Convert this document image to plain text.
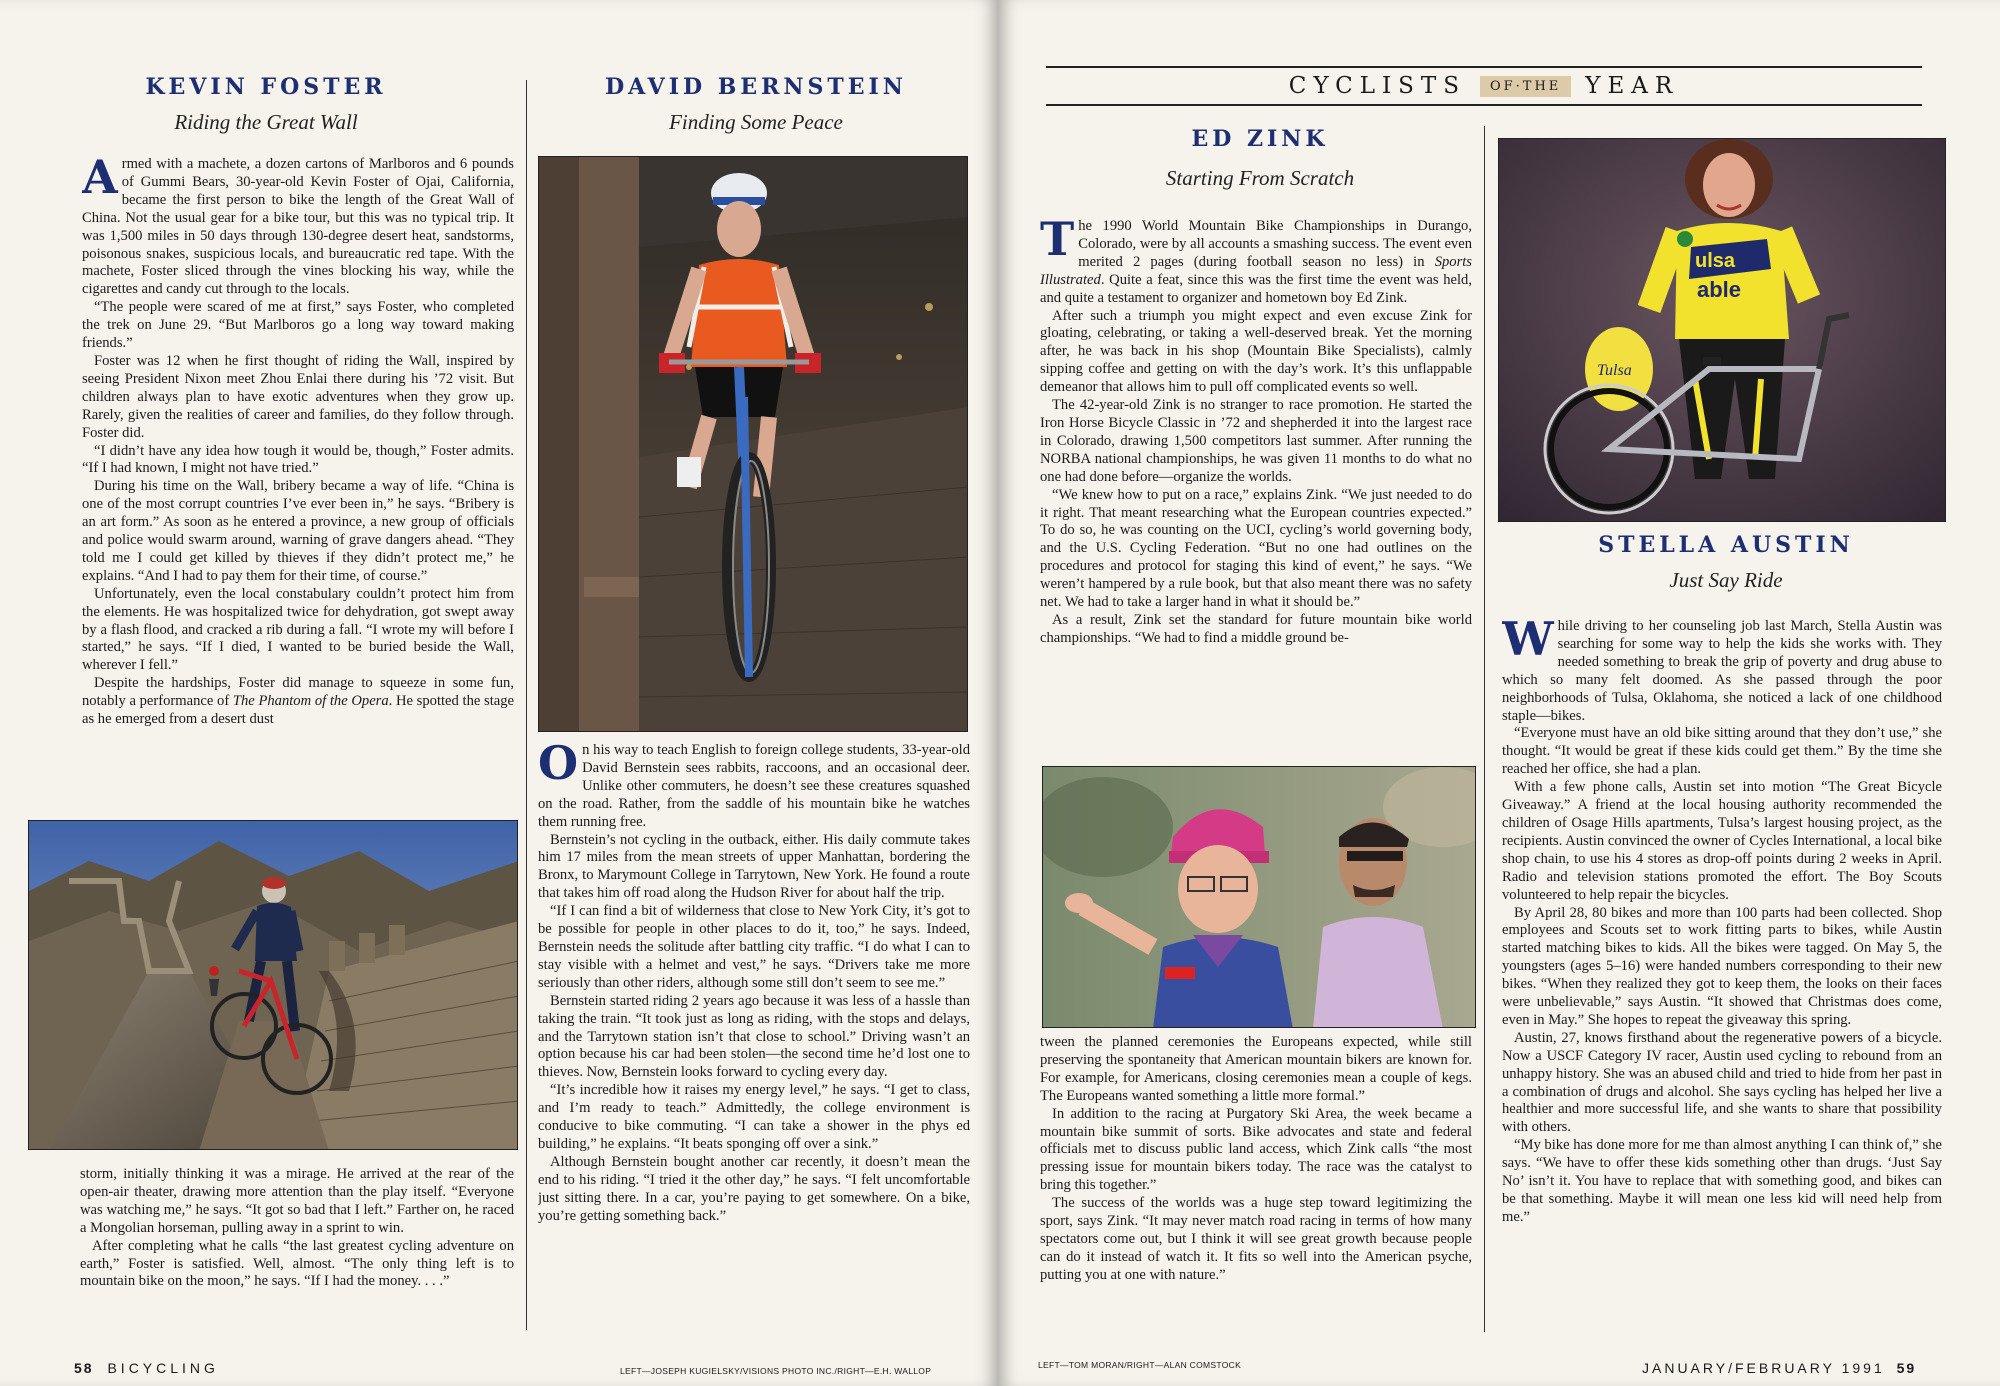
KEVIN FOSTER
Riding the Great Wall

Armed with a machete, a dozen cartons of Marlboros and 6 pounds of Gummi Bears, 30-year-old Kevin Foster of Ojai, California, became the first person to bike the length of the Great Wall of China. Not the usual gear for a bike tour, but this was no typical trip. It was 1,500 miles in 50 days through 130-degree desert heat, sandstorms, poisonous snakes, suspicious locals, and bureaucratic red tape. With the machete, Foster sliced through the vines blocking his way, while the cigarettes and candy cut through to the locals.

“The people were scared of me at first,” says Foster, who completed the trek on June 29. “But Marlboros go a long way toward making friends.”

Foster was 12 when he first thought of riding the Wall, inspired by seeing President Nixon meet Zhou Enlai there during his ’72 visit. But children always plan to have exotic adventures when they grow up. Rarely, given the realities of career and families, do they follow through. Foster did.

“I didn’t have any idea how tough it would be, though,” Foster admits. “If I had known, I might not have tried.”

During his time on the Wall, bribery became a way of life. “China is one of the most corrupt countries I’ve ever been in,” he says. “Bribery is an art form.” As soon as he entered a province, a new group of officials and police would swarm around, warning of grave dangers ahead. “They told me I could get killed by thieves if they didn’t protect me,” he explains. “And I had to pay them for their time, of course.”

Unfortunately, even the local constabulary couldn’t protect him from the elements. He was hospitalized twice for dehydration, got swept away by a flash flood, and cracked a rib during a fall. “I wrote my will before I started,” he says. “If I died, I wanted to be buried beside the Wall, wherever I fell.”

Despite the hardships, Foster did manage to squeeze in some fun, notably a performance of The Phantom of the Opera. He spotted the stage as he emerged from a desert dust

storm, initially thinking it was a mirage. He arrived at the rear of the open-air theater, drawing more attention than the play itself. “Everyone was watching me,” he says. “It got so bad that I left.” Farther on, he raced a Mongolian horseman, pulling away in a sprint to win.

After completing what he calls “the last greatest cycling adventure on earth,” Foster is satisfied. Well, almost. “The only thing left is to mountain bike on the moon,” he says. “If I had the money. . . .”

DAVID BERNSTEIN
Finding Some Peace

On his way to teach English to foreign college students, 33-year-old David Bernstein sees rabbits, raccoons, and an occasional deer. Unlike other commuters, he doesn’t see these creatures squashed on the road. Rather, from the saddle of his mountain bike he watches them running free.

Bernstein’s not cycling in the outback, either. His daily commute takes him 17 miles from the mean streets of upper Manhattan, bordering the Bronx, to Marymount College in Tarrytown, New York. He found a route that takes him off road along the Hudson River for about half the trip.

“If I can find a bit of wilderness that close to New York City, it’s got to be possible for people in other places to do it, too,” he says. Indeed, Bernstein needs the solitude after battling city traffic. “I do what I can to stay visible with a helmet and vest,” he says. “Drivers take me more seriously than other riders, although some still don’t seem to see me.”

Bernstein started riding 2 years ago because it was less of a hassle than taking the train. “It took just as long as riding, with the stops and delays, and the Tarrytown station isn’t that close to school.” Driving wasn’t an option because his car had been stolen—the second time he’d lost one to thieves. Now, Bernstein looks forward to cycling every day.

“It’s incredible how it raises my energy level,” he says. “I get to class, and I’m ready to teach.” Admittedly, the college environment is conducive to bike commuting. “I can take a shower in the phys ed building,” he explains. “It beats sponging off over a sink.”

Although Bernstein bought another car recently, it doesn’t mean the end to his riding. “I tried it the other day,” he says. “I felt uncomfortable just sitting there. In a car, you’re paying to get somewhere. On a bike, you’re getting something back.”

58 BICYCLING	LEFT—JOSEPH KUGIELSKY/VISIONS PHOTO INC./RIGHT—E.H. WALLOP
CYCLISTS OF·THE YEAR
ED ZINK
Starting From Scratch

The 1990 World Mountain Bike Championships in Durango, Colorado, were by all accounts a smashing success. The event even merited 2 pages (during football season no less) in Sports Illustrated. Quite a feat, since this was the first time the event was held, and quite a testament to organizer and hometown boy Ed Zink.

After such a triumph you might expect and even excuse Zink for gloating, celebrating, or taking a well-deserved break. Yet the morning after, he was back in his shop (Mountain Bike Specialists), calmly sipping coffee and getting on with the day’s work. It’s this unflappable demeanor that allows him to pull off complicated events so well.

The 42-year-old Zink is no stranger to race promotion. He started the Iron Horse Bicycle Classic in ’72 and shepherded it into the largest race in Colorado, drawing 1,500 competitors last summer. After running the NORBA national championships, he was given 11 months to do what no one had done before—organize the worlds.

“We knew how to put on a race,” explains Zink. “We just needed to do it right. That meant researching what the European countries expected.” To do so, he was counting on the UCI, cycling’s world governing body, and the U.S. Cycling Federation. “But no one had outlines on the procedures and protocol for staging this kind of event,” he says. “We weren’t hampered by a rule book, but that also meant there was no safety net. We had to take a larger hand in what it should be.”

As a result, Zink set the standard for future mountain bike world championships. “We had to find a middle ground be-

tween the planned ceremonies the Europeans expected, while still preserving the spontaneity that American mountain bikers are known for. For example, for Americans, closing ceremonies mean a couple of kegs. The Europeans wanted something a little more formal.”

In addition to the racing at Purgatory Ski Area, the week became a mountain bike summit of sorts. Bike advocates and state and federal officials met to discuss public land access, which Zink calls “the most pressing issue for mountain bikers today. The race was the catalyst to bring this together.”

The success of the worlds was a huge step toward legitimizing the sport, says Zink. “It may never match road racing in terms of how many spectators come out, but I think it will see great growth because people can do it instead of watch it. It fits so well into the American psyche, putting you at one with nature.”

ulsa
able
Tulsa
STELLA AUSTIN
Just Say Ride

While driving to her counseling job last March, Stella Austin was searching for some way to help the kids she works with. They needed something to break the grip of poverty and drug abuse to which so many felt doomed. As she passed through the poor neighborhoods of Tulsa, Oklahoma, she noticed a lack of one childhood staple—bikes.

“Everyone must have an old bike sitting around that they don’t use,” she thought. “It would be great if these kids could get them.” By the time she reached her office, she had a plan.

With a few phone calls, Austin set into motion “The Great Bicycle Giveaway.” A friend at the local housing authority recommended the children of Osage Hills apartments, Tulsa’s largest housing project, as the recipients. Austin convinced the owner of Cycles International, a local bike shop chain, to use his 4 stores as drop-off points during 2 weeks in April. Radio and television stations promoted the effort. The Boy Scouts volunteered to help repair the bicycles.

By April 28, 80 bikes and more than 100 parts had been collected. Shop employees and Scouts set to work fitting parts to bikes, while Austin started matching bikes to kids. All the bikes were tagged. On May 5, the youngsters (ages 5–16) were handed numbers corresponding to their new bikes. “When they realized they got to keep them, the looks on their faces were unbelievable,” says Austin. “It showed that Christmas does come, even in May.” She hopes to repeat the giveaway this spring.

Austin, 27, knows firsthand about the regenerative powers of a bicycle. Now a USCF Category IV racer, Austin used cycling to rebound from an unhappy history. She was an abused child and tried to hide from her past in a combination of drugs and alcohol. She says cycling has helped her live a healthier and more successful life, and she wants to share that possibility with others.

“My bike has done more for me than almost anything I can think of,” she says. “We have to offer these kids something other than drugs. ‘Just Say No’ isn’t it. You have to replace that with something good, and bikes can be that something. Maybe it will mean one less kid will need help from me.”

LEFT—TOM MORAN/RIGHT—ALAN COMSTOCK	JANUARY/FEBRUARY 1991 59
